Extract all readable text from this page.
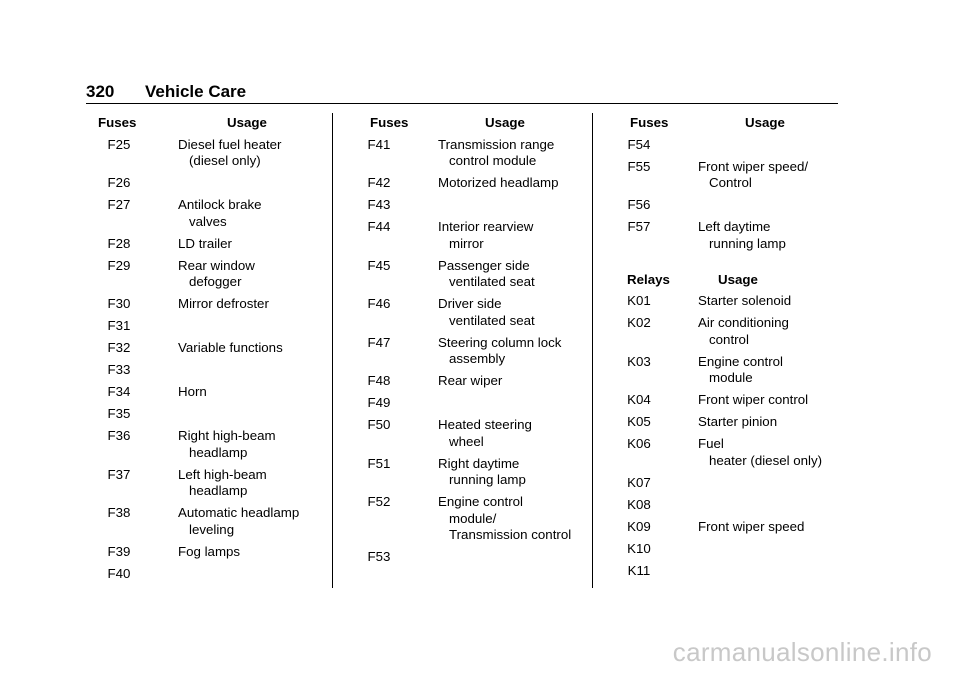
320 Vehicle Care
Fuses	Usage
F25	Diesel fuel heater
(diesel only)
F26
F27	Antilock brake
valves
F28	LD trailer
F29	Rear window
defogger
F30	Mirror defroster
F31
F32	Variable functions
F33
F34	Horn
F35
F36	Right high-beam
headlamp
F37	Left high-beam
headlamp
F38	Automatic headlamp
leveling
F39	Fog lamps
F40
Fuses	Usage
F41	Transmission range
control module
F42	Motorized headlamp
F43
F44	Interior rearview
mirror
F45	Passenger side
ventilated seat
F46	Driver side
ventilated seat
F47	Steering column lock
assembly
F48	Rear wiper
F49
F50	Heated steering
wheel
F51	Right daytime
running lamp
F52	Engine control
module/
Transmission control
F53
Fuses	Usage
F54
F55	Front wiper speed/
Control
F56
F57	Left daytime
running lamp
Relays	Usage
K01	Starter solenoid
K02	Air conditioning
control
K03	Engine control
module
K04	Front wiper control
K05	Starter pinion
K06	Fuel
heater (diesel only)
K07
K08
K09	Front wiper speed
K10
K11
carmanualsonline.info
